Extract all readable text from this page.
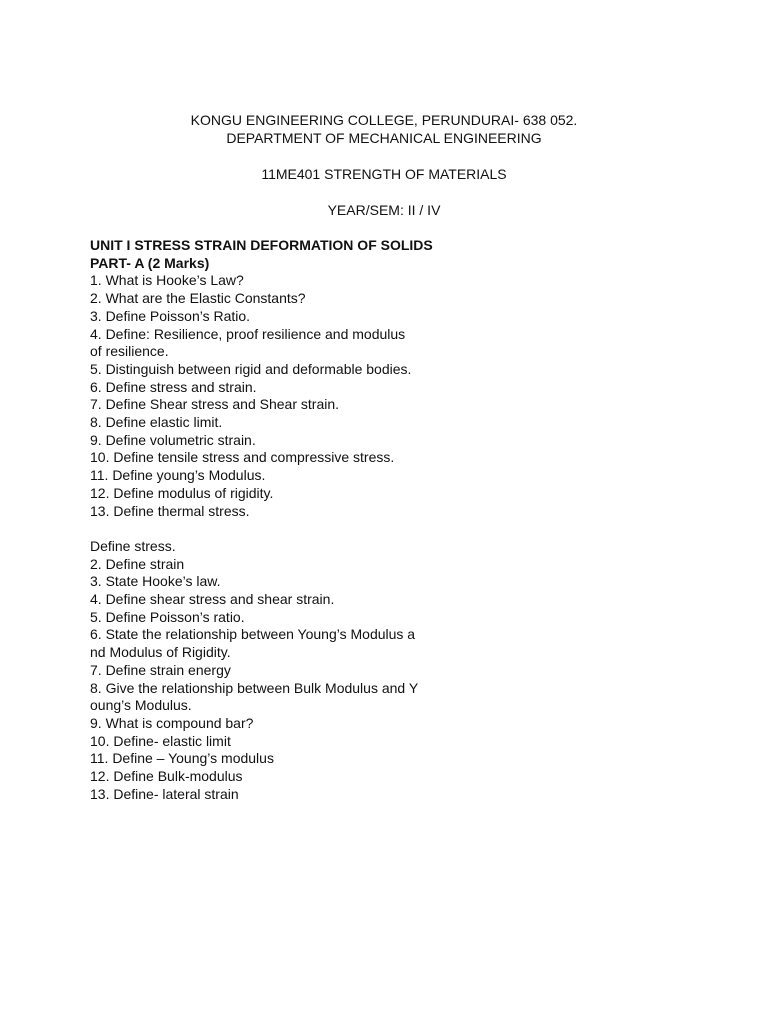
KONGU ENGINEERING COLLEGE, PERUNDURAI- 638 052.
DEPARTMENT OF MECHANICAL ENGINEERING
11ME401 STRENGTH OF MATERIALS
YEAR/SEM: II / IV
UNIT I STRESS STRAIN DEFORMATION OF SOLIDS
PART- A (2 Marks)
1. What is Hooke’s Law?
2. What are the Elastic Constants?
3. Define Poisson’s Ratio.
4. Define: Resilience, proof resilience and modulus
of resilience.
5. Distinguish between rigid and deformable bodies.
6. Define stress and strain.
7. Define Shear stress and Shear strain.
8. Define elastic limit.
9. Define volumetric strain.
10. Define tensile stress and compressive stress.
11. Define young’s Modulus.
12. Define modulus of rigidity.
13. Define thermal stress.
Define stress.
2. Define strain
3. State Hooke’s law.
4. Define shear stress and shear strain.
5. Define Poisson’s ratio.
6. State the relationship between Young’s Modulus a
nd Modulus of Rigidity.
7. Define strain energy
8. Give the relationship between Bulk Modulus and Y
oung’s Modulus.
9. What is compound bar?
10. Define- elastic limit
11. Define – Young’s modulus
12. Define Bulk-modulus
13. Define- lateral strain
